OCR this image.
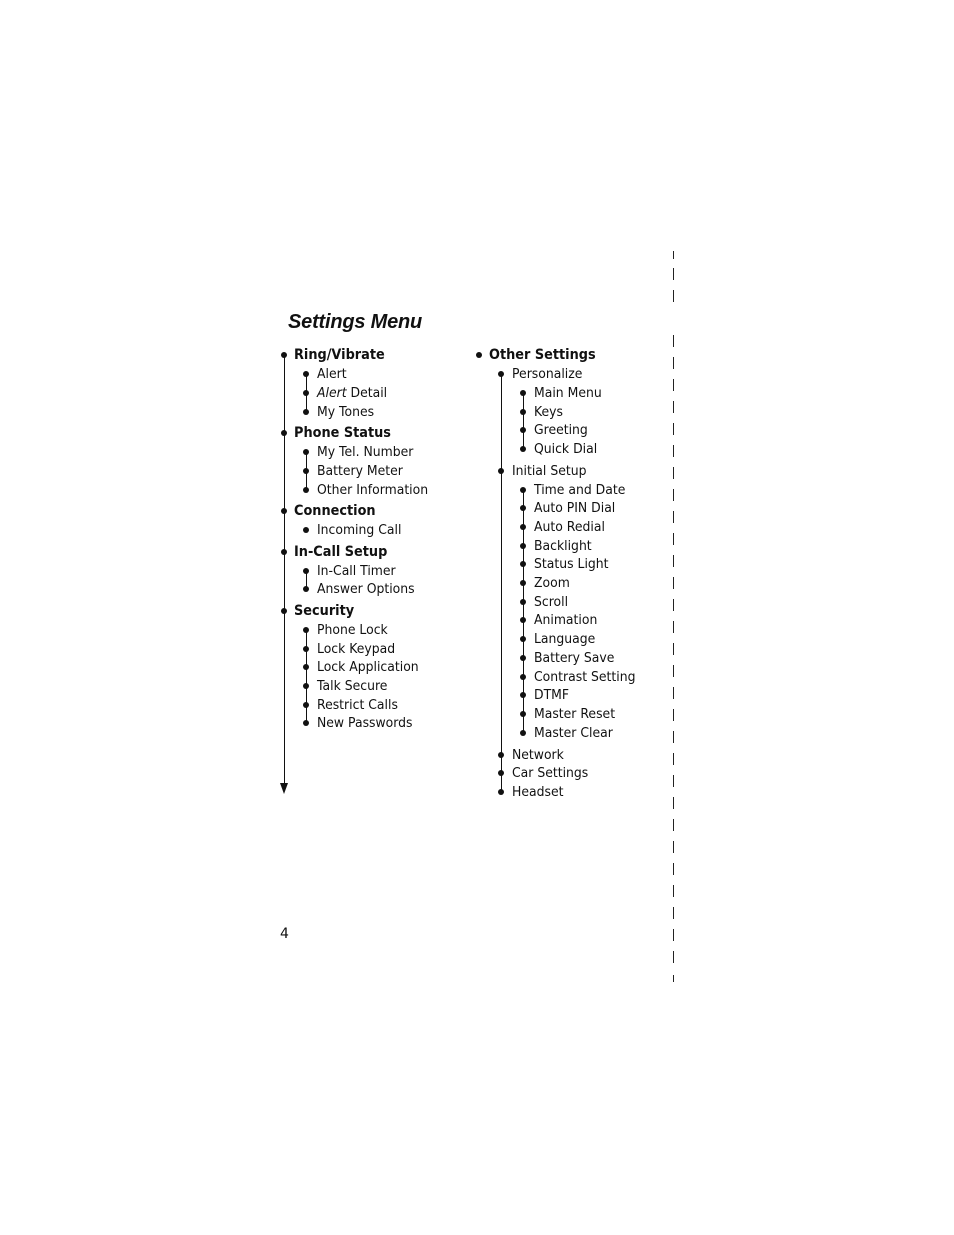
Settings Menu
Ring/Vibrate
Alert
Alert Detail
My Tones
Phone Status
My Tel. Number
Battery Meter
Other Information
Connection
Incoming Call
In-Call Setup
In-Call Timer
Answer Options
Security
Phone Lock
Lock Keypad
Lock Application
Talk Secure
Restrict Calls
New Passwords
Other Settings
Personalize
Main Menu
Keys
Greeting
Quick Dial
Initial Setup
Time and Date
Auto PIN Dial
Auto Redial
Backlight
Status Light
Zoom
Scroll
Animation
Language
Battery Save
Contrast Setting
DTMF
Master Reset
Master Clear
Network
Car Settings
Headset
4
